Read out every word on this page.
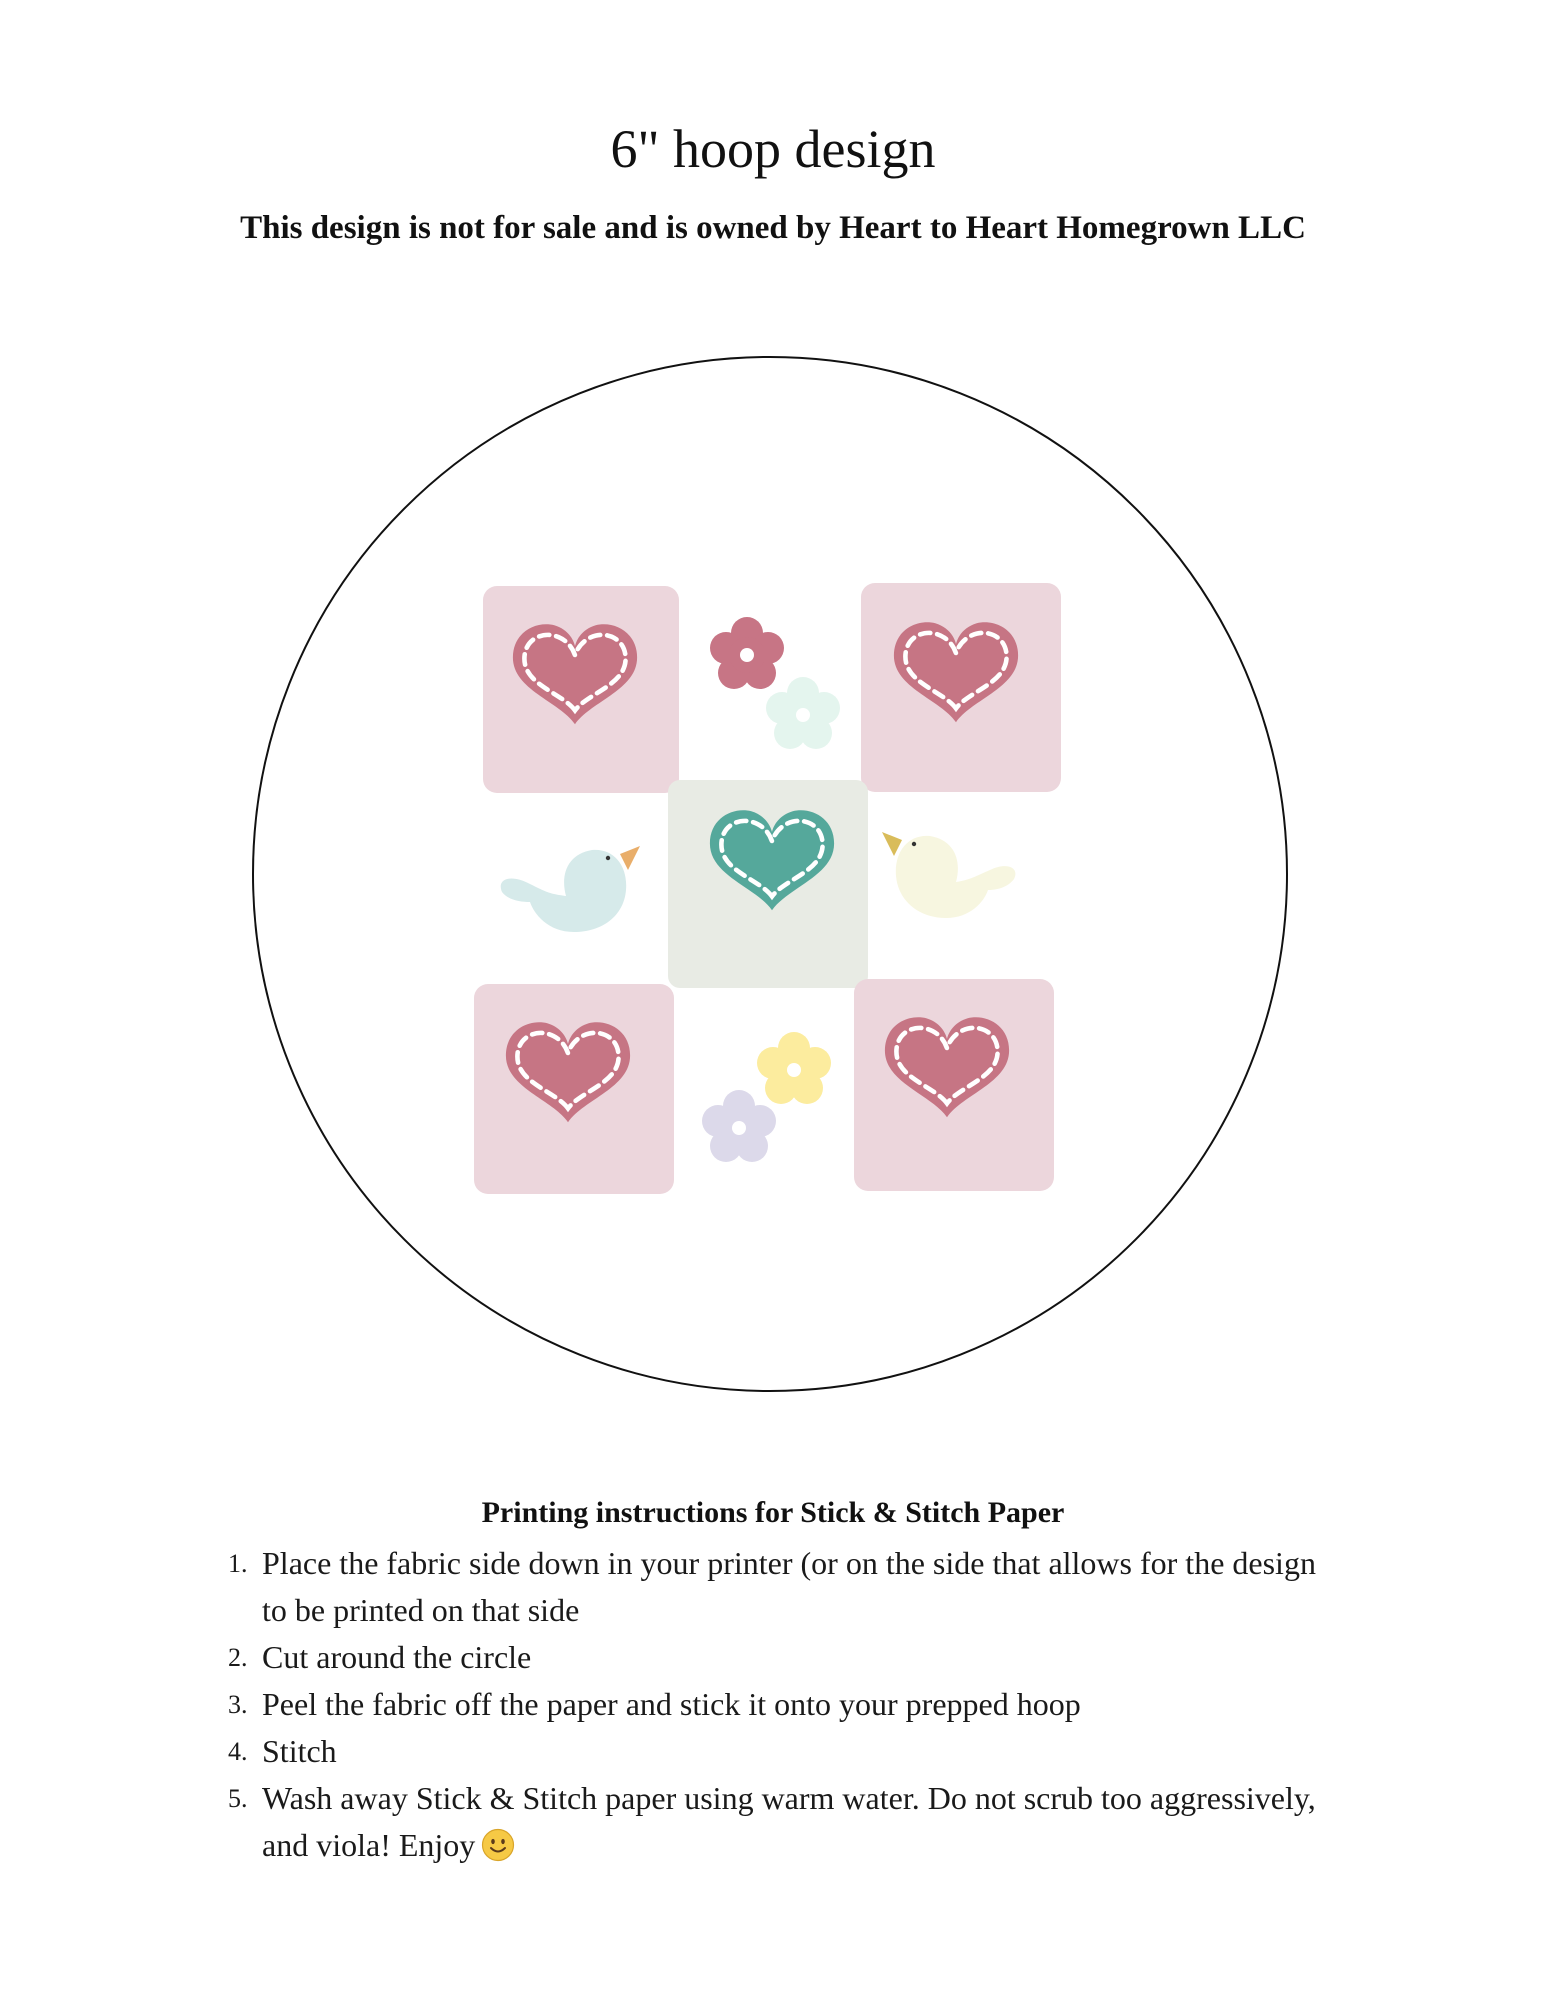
6" hoop design

This design is not for sale and is owned by Heart to Heart Homegrown LLC

Printing instructions for Stick & Stitch Paper
1. Place the fabric side down in your printer (or on the side that allows for the design to be printed on that side
2. Cut around the circle
3. Peel the fabric off the paper and stick it onto your prepped hoop
4. Stitch
5. Wash away Stick & Stitch paper using warm water. Do not scrub too aggressively, and viola! Enjoy
